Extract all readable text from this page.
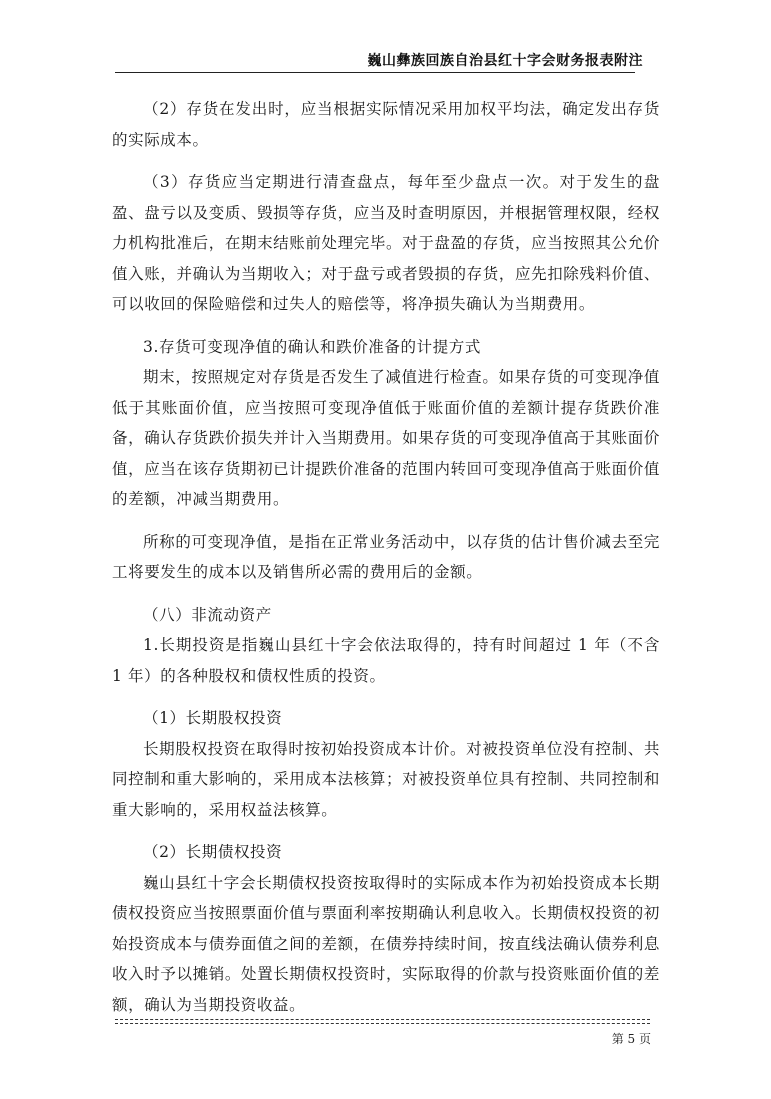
巍山彝族回族自治县红十字会财务报表附注

（2）存货在发出时，应当根据实际情况采用加权平均法，确定发出存货的实际成本。

（3）存货应当定期进行清查盘点，每年至少盘点一次。对于发生的盘盈、盘亏以及变质、毁损等存货，应当及时查明原因，并根据管理权限，经权力机构批准后，在期末结账前处理完毕。对于盘盈的存货，应当按照其公允价值入账，并确认为当期收入；对于盘亏或者毁损的存货，应先扣除残料价值、可以收回的保险赔偿和过失人的赔偿等，将净损失确认为当期费用。

3.存货可变现净值的确认和跌价准备的计提方式

期末，按照规定对存货是否发生了减值进行检查。如果存货的可变现净值低于其账面价值，应当按照可变现净值低于账面价值的差额计提存货跌价准备，确认存货跌价损失并计入当期费用。如果存货的可变现净值高于其账面价值，应当在该存货期初已计提跌价准备的范围内转回可变现净值高于账面价值的差额，冲减当期费用。

所称的可变现净值，是指在正常业务活动中，以存货的估计售价减去至完工将要发生的成本以及销售所必需的费用后的金额。

（八）非流动资产

1.长期投资是指巍山县红十字会依法取得的，持有时间超过 1 年（不含 1 年）的各种股权和债权性质的投资。

（1）长期股权投资

长期股权投资在取得时按初始投资成本计价。对被投资单位没有控制、共同控制和重大影响的，采用成本法核算；对被投资单位具有控制、共同控制和重大影响的，采用权益法核算。

（2）长期债权投资

巍山县红十字会长期债权投资按取得时的实际成本作为初始投资成本长期债权投资应当按照票面价值与票面利率按期确认利息收入。长期债权投资的初始投资成本与债券面值之间的差额，在债券持续时间，按直线法确认债券利息收入时予以摊销。处置长期债权投资时，实际取得的价款与投资账面价值的差额，确认为当期投资收益。

第 5 页
